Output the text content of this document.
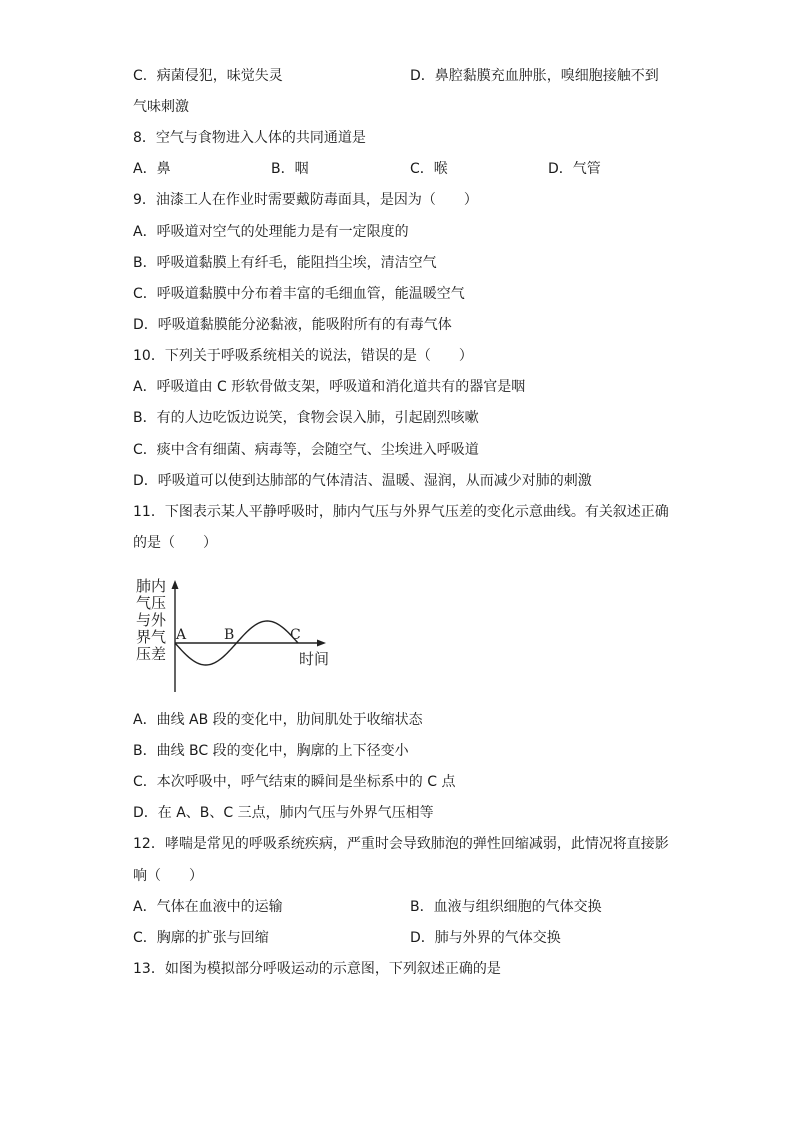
C．病菌侵犯，味觉失灵	D．鼻腔黏膜充血肿胀，嗅细胞接触不到
气味刺激
8．空气与食物进入人体的共同通道是
A．鼻	B．咽	C．喉	D．气管
9．油漆工人在作业时需要戴防毒面具，是因为（　　）
A．呼吸道对空气的处理能力是有一定限度的
B．呼吸道黏膜上有纤毛，能阻挡尘埃，清洁空气
C．呼吸道黏膜中分布着丰富的毛细血管，能温暖空气
D．呼吸道黏膜能分泌黏液，能吸附所有的有毒气体
10．下列关于呼吸系统相关的说法，错误的是（　　）
A．呼吸道由 C 形软骨做支架，呼吸道和消化道共有的器官是咽
B．有的人边吃饭边说笑，食物会误入肺，引起剧烈咳嗽
C．痰中含有细菌、病毒等，会随空气、尘埃进入呼吸道
D．呼吸道可以使到达肺部的气体清洁、温暖、湿润，从而减少对肺的刺激
11．下图表示某人平静呼吸时，肺内气压与外界气压差的变化示意曲线。有关叙述正确
的是（　　）
肺内
气压
与外
界气
压差
A	B	C
时间
A．曲线 AB 段的变化中，肋间肌处于收缩状态
B．曲线 BC 段的变化中，胸廓的上下径变小
C．本次呼吸中，呼气结束的瞬间是坐标系中的 C 点
D．在 A、B、C 三点，肺内气压与外界气压相等
12．哮喘是常见的呼吸系统疾病，严重时会导致肺泡的弹性回缩减弱，此情况将直接影
响（　　）
A．气体在血液中的运输	B．血液与组织细胞的气体交换
C．胸廓的扩张与回缩	D．肺与外界的气体交换
13．如图为模拟部分呼吸运动的示意图，下列叙述正确的是
